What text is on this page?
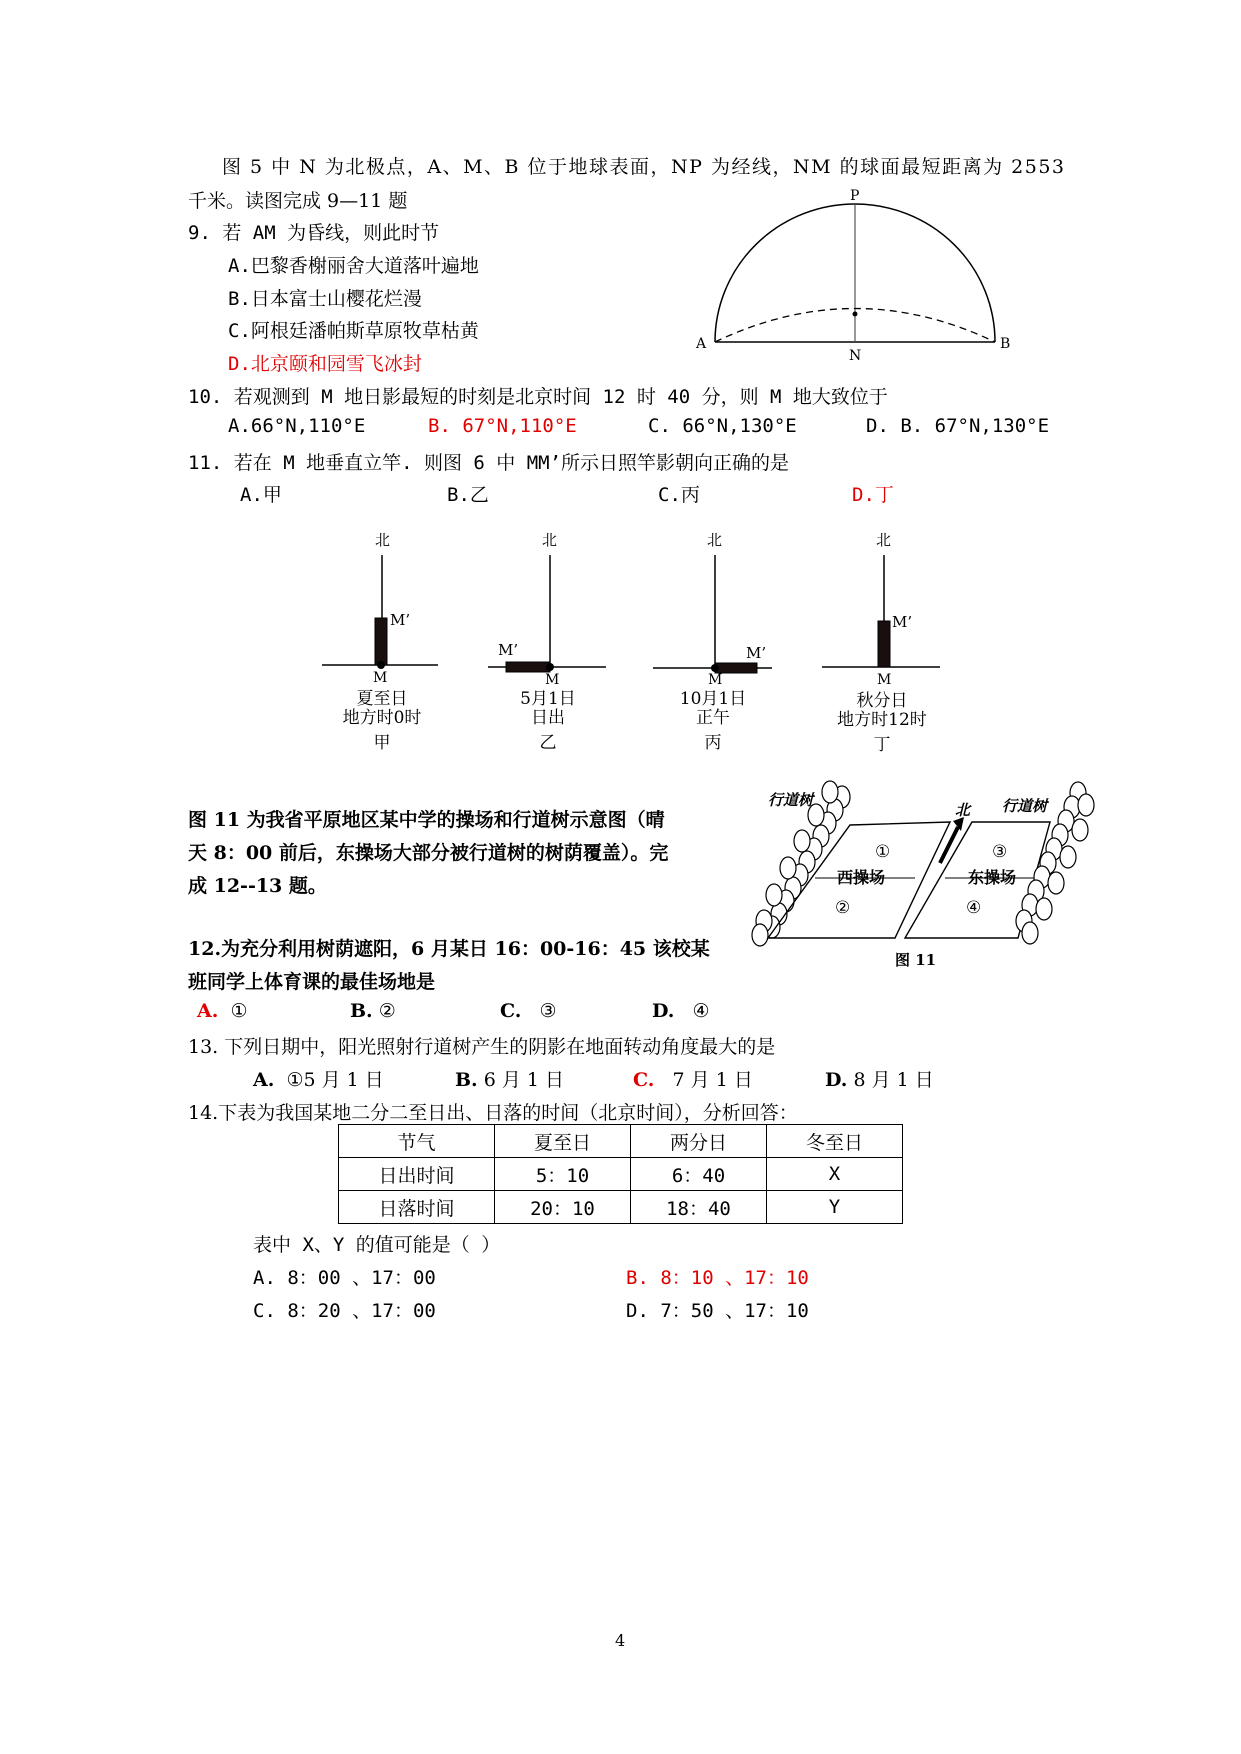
图 5 中 N 为北极点，A、M、B 位于地球表面，NP 为经线，NM 的球面最短距离为 2553
千米。读图完成 9—11 题	P
A
N
B
9. 若 AM 为昏线，则此时节
A.巴黎香榭丽舍大道落叶遍地
B.日本富士山樱花烂漫
C.阿根廷潘帕斯草原牧草枯黄
D.北京颐和园雪飞冰封
10. 若观测到 M 地日影最短的时刻是北京时间 12 时 40 分，则 M 地大致位于
A.66°N,110°E	B. 67°N,110°E	C. 66°N,130°E	D. B. 67°N,130°E
11. 若在 M 地垂直立竿. 则图 6 中 MM’所示日照竿影朝向正确的是
A.甲	B.乙	C.丙	D.丁
北
M’
M
夏至日
地方时0时
甲
北
M’
M
5月1日
日出
乙
北
M’
M
10月1日
正午
丙
北
M’
M
秋分日
地方时12时
丁
图 11 为我省平原地区某中学的操场和行道树示意图（晴
天 8：00 前后，东操场大部分被行道树的树荫覆盖）。完
成 12--13 题。
行道树
西操场
①
②
北
东操场
③
④
行道树
图 11
12.为充分利用树荫遮阳，6 月某日 16：00-16：45 该校某
班同学上体育课的最佳场地是
A. ①	B. ②	C. ③	D. ④
13. 下列日期中，阳光照射行道树产生的阴影在地面转动角度最大的是
A. ①5 月 1 日	B. 6 月 1 日	C. 7 月 1 日	D. 8 月 1 日
14.下表为我国某地二分二至日出、日落的时间（北京时间），分析回答：
节气	夏至日	两分日	冬至日
日出时间	5：10	6：40	X
日落时间	20：10	18：40	Y
表中 X、Y 的值可能是（ ）
A. 8：00 、17：00	B. 8：10 、17：10
C. 8：20 、17：00	D. 7：50 、17：10
4
